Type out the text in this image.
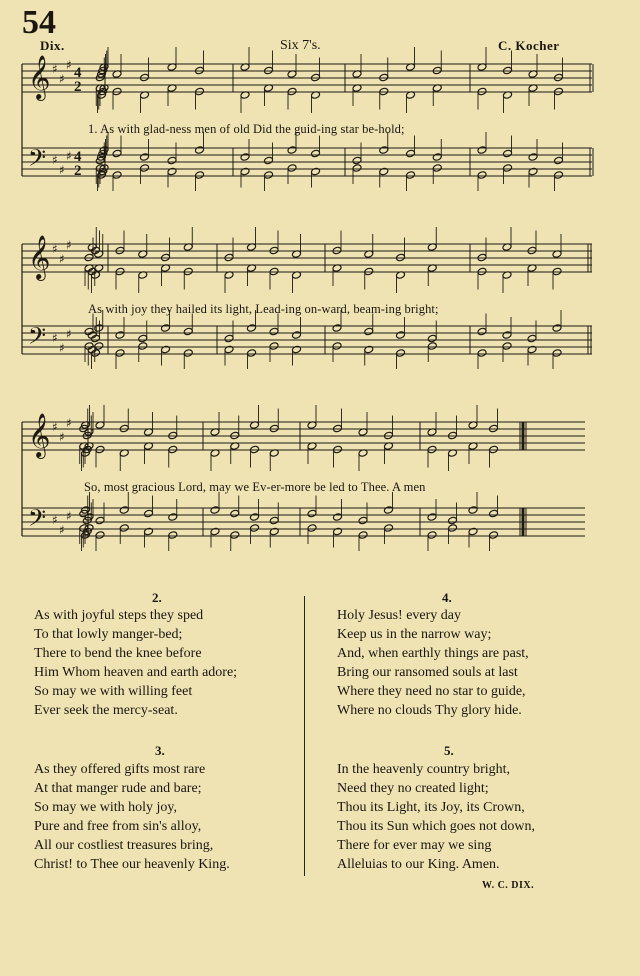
54
Dix.	Six 7's.	C. Kocher
𝄞 ♯
♯
♯ 4
2
𝄢 ♯
♯
♯ 4
2
𝄞 ♯
♯
♯
𝄢 ♯
♯
♯
𝄞 ♯
♯
♯
𝄢 ♯
♯
♯
1. As with glad-ness men of old Did the guid-ing star be-hold;
As with joy they hailed its light, Lead-ing on-ward, beam-ing bright;
So, most gracious Lord, may we Ev-er-more be led to Thee. A men
2.
As with joyful steps they sped
To that lowly manger-bed;
There to bend the knee before
Him Whom heaven and earth adore;
So may we with willing feet
Ever seek the mercy-seat.
3.
As they offered gifts most rare
At that manger rude and bare;
So may we with holy joy,
Pure and free from sin's alloy,
All our costliest treasures bring,
Christ! to Thee our heavenly King.
4.
Holy Jesus! every day
Keep us in the narrow way;
And, when earthly things are past,
Bring our ransomed souls at last
Where they need no star to guide,
Where no clouds Thy glory hide.
5.
In the heavenly country bright,
Need they no created light;
Thou its Light, its Joy, its Crown,
Thou its Sun which goes not down,
There for ever may we sing
Alleluias to our King. Amen.
W. C. DIX.
